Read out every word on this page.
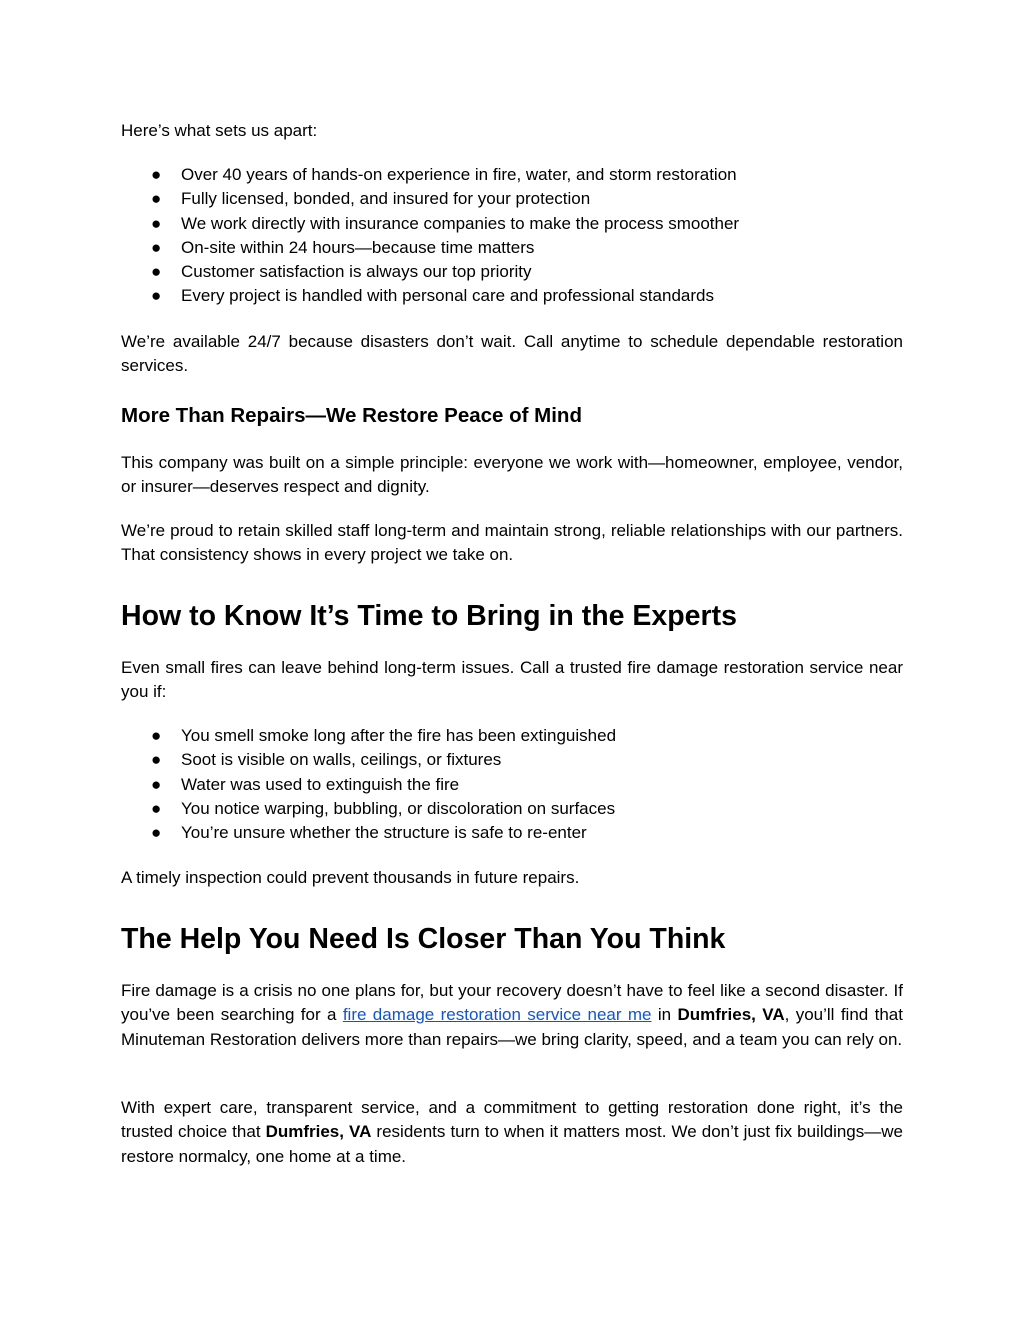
Here’s what sets us apart:

● Over 40 years of hands-on experience in fire, water, and storm restoration
● Fully licensed, bonded, and insured for your protection
● We work directly with insurance companies to make the process smoother
● On-site within 24 hours—because time matters
● Customer satisfaction is always our top priority
● Every project is handled with personal care and professional standards

We’re available 24/7 because disasters don’t wait. Call anytime to schedule dependable restoration services.

More Than Repairs—We Restore Peace of Mind

This company was built on a simple principle: everyone we work with—homeowner, employee, vendor, or insurer—deserves respect and dignity.

We’re proud to retain skilled staff long-term and maintain strong, reliable relationships with our partners. That consistency shows in every project we take on.

How to Know It’s Time to Bring in the Experts

Even small fires can leave behind long-term issues. Call a trusted fire damage restoration service near you if:

● You smell smoke long after the fire has been extinguished
● Soot is visible on walls, ceilings, or fixtures
● Water was used to extinguish the fire
● You notice warping, bubbling, or discoloration on surfaces
● You’re unsure whether the structure is safe to re-enter

A timely inspection could prevent thousands in future repairs.

The Help You Need Is Closer Than You Think

Fire damage is a crisis no one plans for, but your recovery doesn’t have to feel like a second disaster. If you’ve been searching for a fire damage restoration service near me in Dumfries, VA, you’ll find that Minuteman Restoration delivers more than repairs—we bring clarity, speed, and a team you can rely on.

With expert care, transparent service, and a commitment to getting restoration done right, it’s the trusted choice that Dumfries, VA residents turn to when it matters most. We don’t just fix buildings—we restore normalcy, one home at a time.
